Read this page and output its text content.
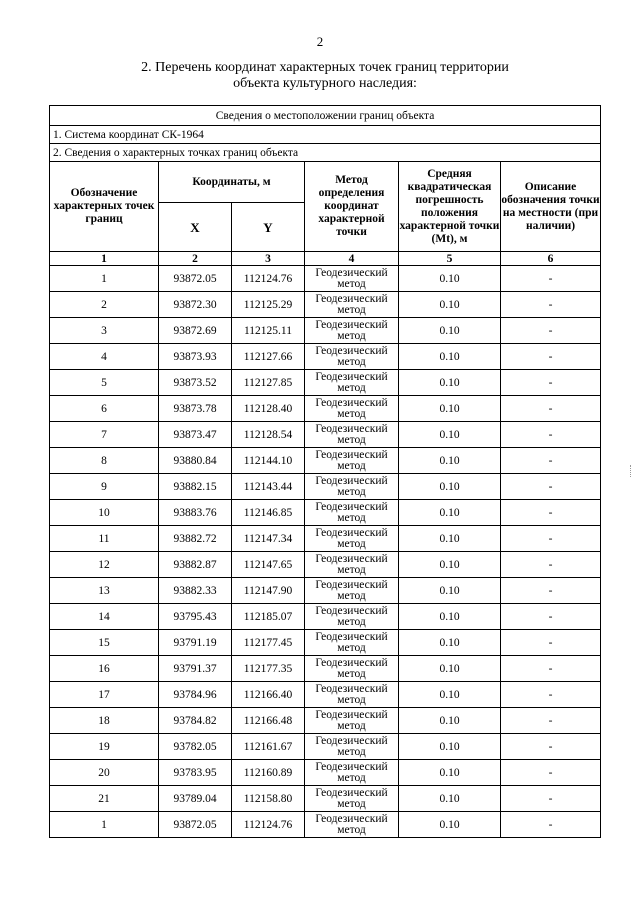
2
2. Перечень координат характерных точек границ территории
объекта культурного наследия:
Сведения о местоположении границ объекта					
1. Система координат СК-1964					
2. Сведения о характерных точках границ объекта					
Обозначение характерных точек границ	Координаты, м		Метод определения координат характерной точки	Средняя квадратическая погрешность положения характерной точки (Mt), м	Описание обозначения точки на местности (при наличии)
	X	Y			
1	2	3	4	5	6
1	93872.05	112124.76	Геодезический метод	0.10	-
2	93872.30	112125.29	Геодезический метод	0.10	-
3	93872.69	112125.11	Геодезический метод	0.10	-
4	93873.93	112127.66	Геодезический метод	0.10	-
5	93873.52	112127.85	Геодезический метод	0.10	-
6	93873.78	112128.40	Геодезический метод	0.10	-
7	93873.47	112128.54	Геодезический метод	0.10	-
8	93880.84	112144.10	Геодезический метод	0.10	-
9	93882.15	112143.44	Геодезический метод	0.10	-
10	93883.76	112146.85	Геодезический метод	0.10	-
11	93882.72	112147.34	Геодезический метод	0.10	-
12	93882.87	112147.65	Геодезический метод	0.10	-
13	93882.33	112147.90	Геодезический метод	0.10	-
14	93795.43	112185.07	Геодезический метод	0.10	-
15	93791.19	112177.45	Геодезический метод	0.10	-
16	93791.37	112177.35	Геодезический метод	0.10	-
17	93784.96	112166.40	Геодезический метод	0.10	-
18	93784.82	112166.48	Геодезический метод	0.10	-
19	93782.05	112161.67	Геодезический метод	0.10	-
20	93783.95	112160.89	Геодезический метод	0.10	-
21	93789.04	112158.80	Геодезический метод	0.10	-
1	93872.05	112124.76	Геодезический метод	0.10	-
